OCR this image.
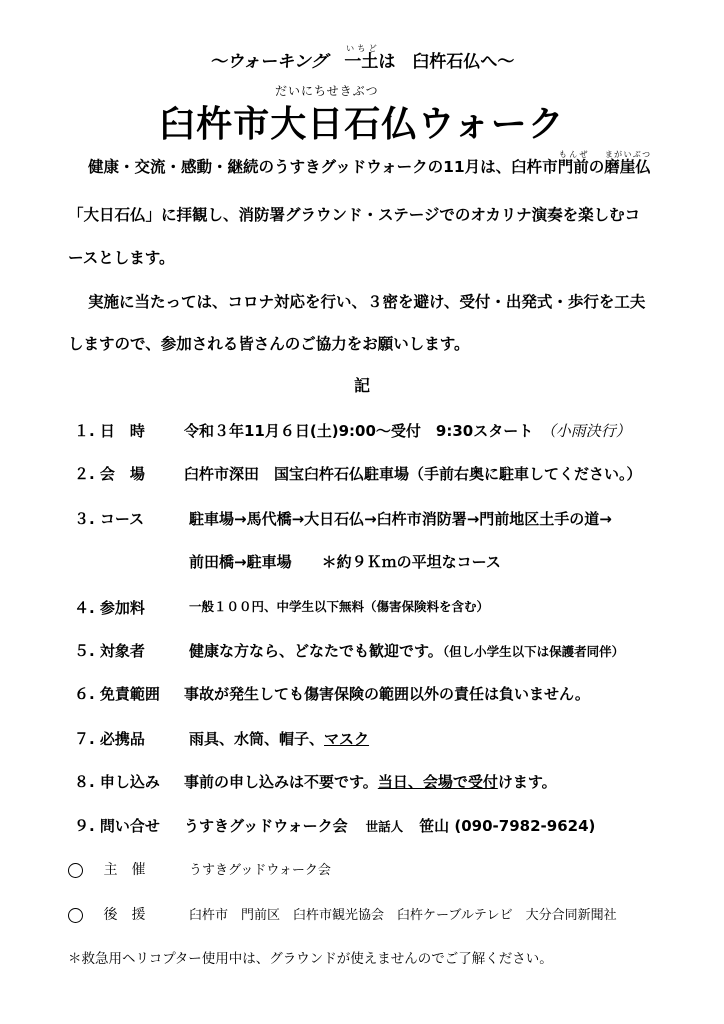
～ウォーキング　一土いちどは　臼杵石仏へ～
だいにちせきぶつ
臼杵市大日石仏ウォーク
健康・交流・感動・継続のうすきグッドウォークの11月は、臼杵市門前もんぜの磨崖仏まがいぶつ
「大日石仏」に拝観し、消防署グラウンド・ステージでのオカリナ演奏を楽しむコ
ースとします。
実施に当たっては、コロナ対応を行い、３密を避け、受付・出発式・歩行を工夫
しますので、参加される皆さんのご協力をお願いします。
記
１. 日　時	令和３年11月６日(土)9:00～受付　9:30スタート　（小雨決行）
２. 会　場	臼杵市深田　国宝臼杵石仏駐車場（手前右奥に駐車してください。）
３. コース	駐車場→馬代橋→大日石仏→臼杵市消防署→門前地区土手の道→
前田橋→駐車場　　＊約９Ｋｍの平坦なコース
４. 参加料	一般１００円、中学生以下無料（傷害保険料を含む）
５. 対象者	健康な方なら、どなたでも歓迎です。（但し小学生以下は保護者同伴）
６. 免責範囲 事故が発生しても傷害保険の範囲以外の責任は負いません。
７. 必携品	雨具、水筒、帽子、マスク
８. 申し込み 事前の申し込みは不要です。当日、会場で受付けます。
９. 問い合せ うすきグッドウォーク会 世話人 笹山 (090-7982-9624)
主　催	うすきグッドウォーク会
後　援	臼杵市　門前区　臼杵市観光協会　臼杵ケーブルテレビ　大分合同新聞社
＊救急用ヘリコプター使用中は、グラウンドが使えませんのでご了解ください。
